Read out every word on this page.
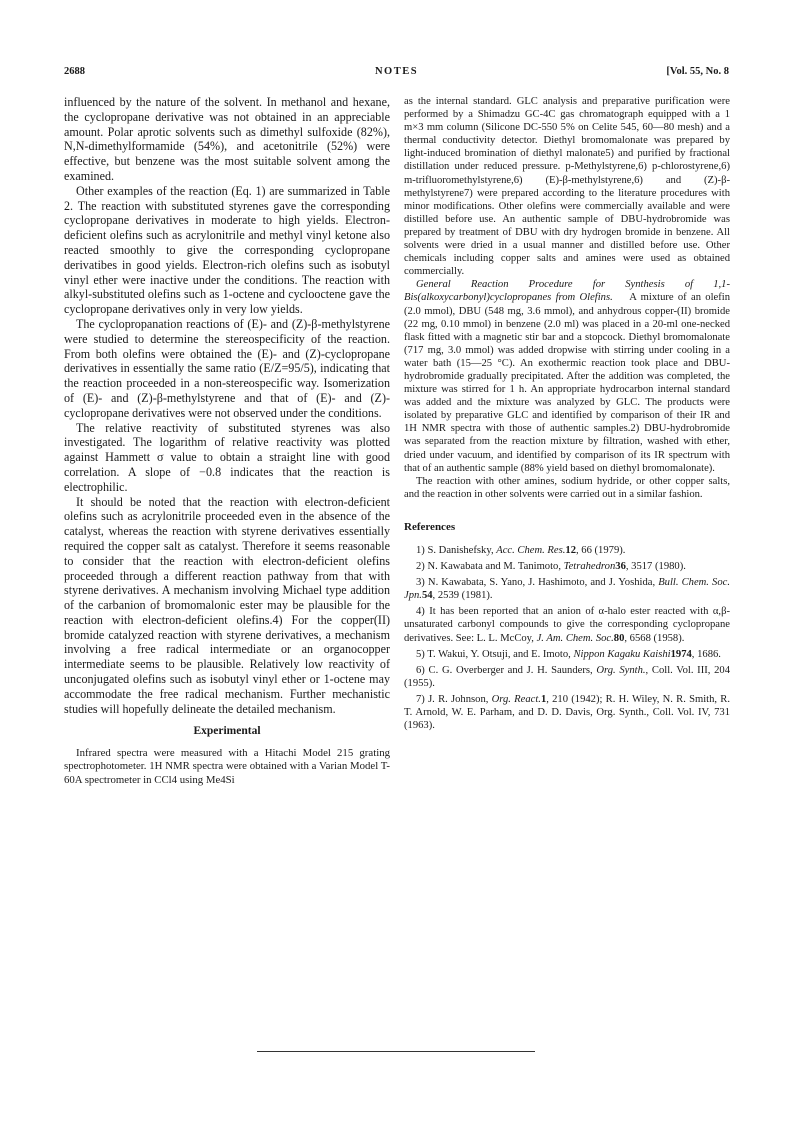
2688	NOTES	[Vol. 55, No. 8

influenced by the nature of the solvent. In methanol and hexane, the cyclopropane derivative was not obtained in an appreciable amount. Polar aprotic solvents such as dimethyl sulfoxide (82%), N,N-dimethylformamide (54%), and acetonitrile (52%) were effective, but benzene was the most suitable solvent among the examined.

Other examples of the reaction (Eq. 1) are summarized in Table 2. The reaction with substituted styrenes gave the corresponding cyclopropane derivatives in moderate to high yields. Electron-deficient olefins such as acrylonitrile and methyl vinyl ketone also reacted smoothly to give the corresponding cyclopropane derivatibes in good yields. Electron-rich olefins such as isobutyl vinyl ether were inactive under the conditions. The reaction with alkyl-substituted olefins such as 1-octene and cyclooctene gave the cyclopropane derivatives only in very low yields.

The cyclopropanation reactions of (E)- and (Z)-β-methylstyrene were studied to determine the stereospecificity of the reaction. From both olefins were obtained the (E)- and (Z)-cyclopropane derivatives in essentially the same ratio (E/Z=95/5), indicating that the reaction proceeded in a non-stereospecific way. Isomerization of (E)- and (Z)-β-methylstyrene and that of (E)- and (Z)-cyclopropane derivatives were not observed under the conditions.

The relative reactivity of substituted styrenes was also investigated. The logarithm of relative reactivity was plotted against Hammett σ value to obtain a straight line with good correlation. A slope of −0.8 indicates that the reaction is electrophilic.

It should be noted that the reaction with electron-deficient olefins such as acrylonitrile proceeded even in the absence of the catalyst, whereas the reaction with styrene derivatives essentially required the copper salt as catalyst. Therefore it seems reasonable to consider that the reaction with electron-deficient olefins proceeded through a different reaction pathway from that with styrene derivatives. A mechanism involving Michael type addition of the carbanion of bromomalonic ester may be plausible for the reaction with electron-deficient olefins.4) For the copper(II) bromide catalyzed reaction with styrene derivatives, a mechanism involving a free radical intermediate or an organocopper intermediate seems to be plausible. Relatively low reactivity of unconjugated olefins such as isobutyl vinyl ether or 1-octene may accommodate the free radical mechanism. Further mechanistic studies will hopefully delineate the detailed mechanism.

Experimental

Infrared spectra were measured with a Hitachi Model 215 grating spectrophotometer. 1H NMR spectra were obtained with a Varian Model T-60A spectrometer in CCl4 using Me4Si

as the internal standard. GLC analysis and preparative purification were performed by a Shimadzu GC-4C gas chromatograph equipped with a 1 m×3 mm column (Silicone DC-550 5% on Celite 545, 60—80 mesh) and a thermal conductivity detector. Diethyl bromomalonate was prepared by light-induced bromination of diethyl malonate5) and purified by fractional distillation under reduced pressure. p-Methylstyrene,6) p-chlorostyrene,6) m-trifluoromethylstyrene,6) (E)-β-methylstyrene,6) and (Z)-β-methylstyrene7) were prepared according to the literature procedures with minor modifications. Other olefins were commercially available and were distilled before use. An authentic sample of DBU-hydrobromide was prepared by treatment of DBU with dry hydrogen bromide in benzene. All solvents were dried in a usual manner and distilled before use. Other chemicals including copper salts and amines were used as obtained commercially.

General Reaction Procedure for Synthesis of 1,1-Bis(alkoxycarbonyl)cyclopropanes from Olefins. A mixture of an olefin (2.0 mmol), DBU (548 mg, 3.6 mmol), and anhydrous copper-(II) bromide (22 mg, 0.10 mmol) in benzene (2.0 ml) was placed in a 20-ml one-necked flask fitted with a magnetic stir bar and a stopcock. Diethyl bromomalonate (717 mg, 3.0 mmol) was added dropwise with stirring under cooling in a water bath (15—25 °C). An exothermic reaction took place and DBU-hydrobromide gradually precipitated. After the addition was completed, the mixture was stirred for 1 h. An appropriate hydrocarbon internal standard was added and the mixture was analyzed by GLC. The products were isolated by preparative GLC and identified by comparison of their IR and 1H NMR spectra with those of authentic samples.2) DBU-hydrobromide was separated from the reaction mixture by filtration, washed with ether, dried under vacuum, and identified by comparison of its IR spectrum with that of an authentic sample (88% yield based on diethyl bromomalonate).

The reaction with other amines, sodium hydride, or other copper salts, and the reaction in other solvents were carried out in a similar fashion.

References

1) S. Danishefsky, Acc. Chem. Res.12, 66 (1979).

2) N. Kawabata and M. Tanimoto, Tetrahedron36, 3517 (1980).

3) N. Kawabata, S. Yano, J. Hashimoto, and J. Yoshida, Bull. Chem. Soc. Jpn.54, 2539 (1981).

4) It has been reported that an anion of α-halo ester reacted with α,β-unsaturated carbonyl compounds to give the corresponding cyclopropane derivatives. See: L. L. McCoy, J. Am. Chem. Soc.80, 6568 (1958).

5) T. Wakui, Y. Otsuji, and E. Imoto, Nippon Kagaku Kaishi1974, 1686.

6) C. G. Overberger and J. H. Saunders, Org. Synth., Coll. Vol. III, 204 (1955).

7) J. R. Johnson, Org. React.1, 210 (1942); R. H. Wiley, N. R. Smith, R. T. Arnold, W. E. Parham, and D. D. Davis, Org. Synth., Coll. Vol. IV, 731 (1963).
